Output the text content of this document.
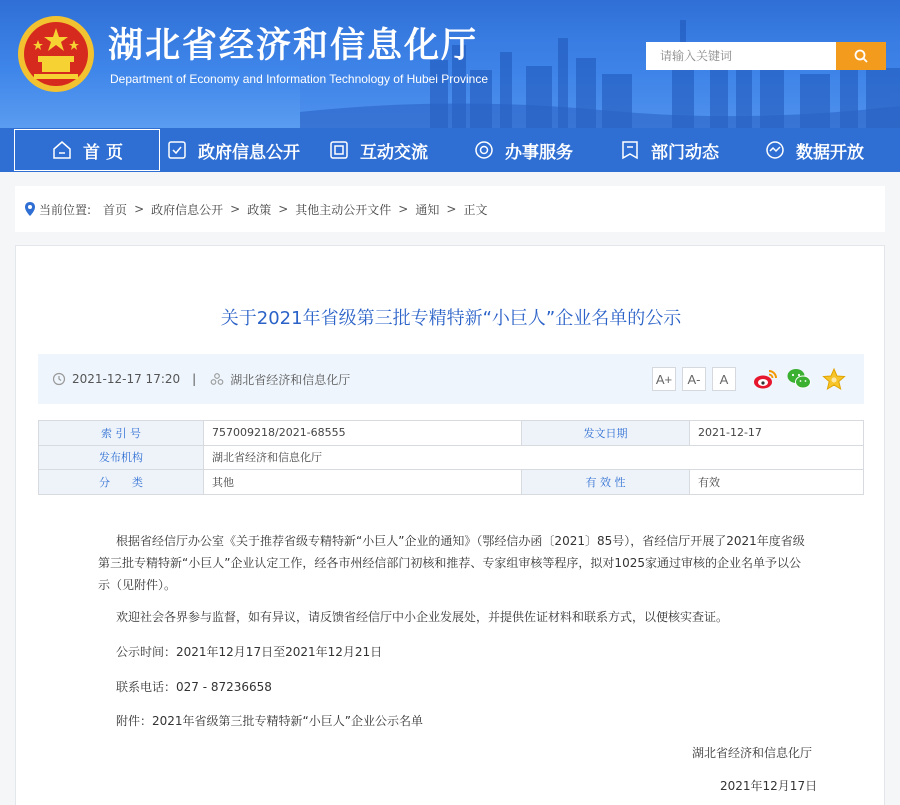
湖北省经济和信息化厅
Department of Economy and Information Technology of Hubei Province
请输入关键词
首 页	政府信息公开	互动交流	办事服务	部门动态	数据开放
当前位置: 首页 > 政府信息公开 > 政策 > 其他主动公开文件 > 通知 > 正文
关于2021年省级第三批专精特新“小巨人”企业名单的公示
2021-12-17 17:20 |	湖北省经济和信息化厅	A+	A-	A
索 引 号	757009218/2021-68555	发文日期	2021-12-17
发布机构	湖北省经济和信息化厅		
分　　类	其他	有 效 性	有效

根据省经信厅办公室《关于推荐省级专精特新“小巨人”企业的通知》（鄂经信办函〔2021〕85号），省经信厅开展了2021年度省级第三批专精特新“小巨人”企业认定工作，经各市州经信部门初核和推荐、专家组审核等程序，拟对1025家通过审核的企业名单予以公示（见附件）。

欢迎社会各界参与监督，如有异议，请反馈省经信厅中小企业发展处，并提供佐证材料和联系方式，以便核实查证。
公示时间：2021年12月17日至2021年12月21日
联系电话：027 - 87236658
附件：2021年省级第三批专精特新“小巨人”企业公示名单
湖北省经济和信息化厅
2021年12月17日
